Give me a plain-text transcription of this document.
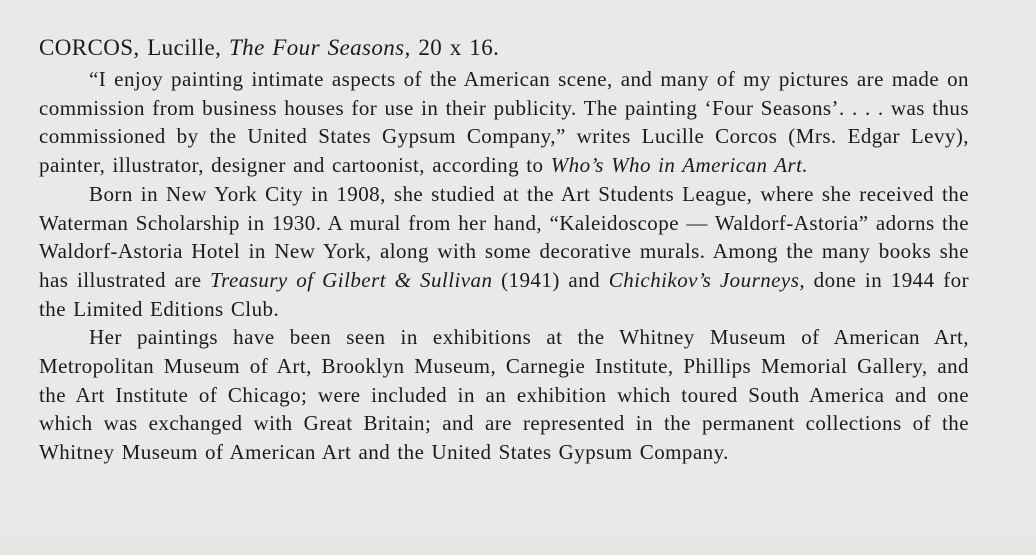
CORCOS, Lucille, The Four Seasons, 20 x 16.

“I enjoy painting intimate aspects of the American scene, and many of my pictures are made on commission from business houses for use in their publicity. The painting ‘Four Seasons’. . . . was thus commissioned by the United States Gypsum Company,” writes Lucille Corcos (Mrs. Edgar Levy), painter, illustrator, designer and cartoonist, according to Who’s Who in American Art.

Born in New York City in 1908, she studied at the Art Students League, where she received the Waterman Scholarship in 1930. A mural from her hand, “Kaleidoscope — Waldorf-Astoria” adorns the Waldorf-Astoria Hotel in New York, along with some decorative murals. Among the many books she has illustrated are Treasury of Gilbert & Sullivan (1941) and Chichikov’s Journeys, done in 1944 for the Limited Editions Club.

Her paintings have been seen in exhibitions at the Whitney Museum of American Art, Metropolitan Museum of Art, Brooklyn Museum, Carnegie Institute, Phillips Memorial Gallery, and the Art Institute of Chicago; were included in an exhibition which toured South America and one which was exchanged with Great Britain; and are represented in the permanent collections of the Whitney Museum of American Art and the United States Gypsum Company.
